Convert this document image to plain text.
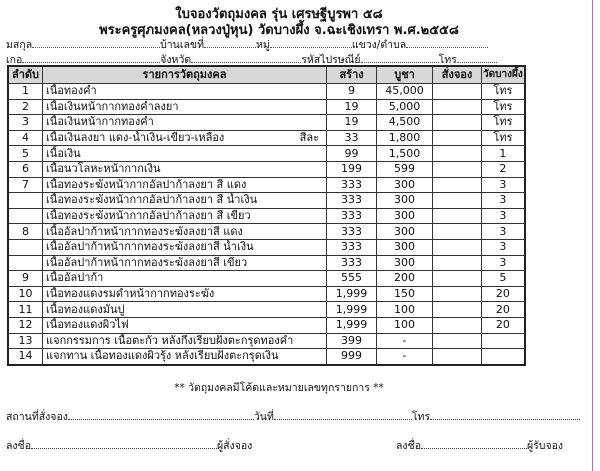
ใบจองวัตถุมงคล รุ่น เศรษฐีบูรพา ๕๘
พระครูศุภมงคล(หลวงปู่หุน) วัดบางผึ้ง จ.ฉะเชิงเทรา พ.ศ.๒๕๕๘
มสกุล	บ้านเลขที่	หมู่	แขวง/ตำบล
เกอ	จังหวัด	รหัสไปรษณีย์	โทร
ลำดับ	รายการวัตถุมงคล	สร้าง	บูชา	สั่งจอง	วัดบางผึ้ง
1	เนื้อทองคำ	9	45,000		โทร
2	เนื้อเงินหน้ากากทองคำลงยา	19	5,000		โทร
3	เนื้อเงินหน้ากากทองคำ	19	4,500		โทร
4	เนื้อเงินลงยา แดง-น้ำเงิน-เขียว-เหลือง สีละ	33	1,800		โทร
5	เนื้อเงิน	99	1,500		1
6	เนื้อนวโลหะหน้ากากเงิน	199	599		2
7	เนื้อทองระฆังหน้ากากอัลปาก้าลงยา สี แดง	333	300		3
	เนื้อทองระฆังหน้ากากอัลปาก้าลงยา สี น้ำเงิน	333	300		3
	เนื้อทองระฆังหน้ากากอัลปาก้าลงยา สี เขียว	333	300		3
8	เนื้ออัลปาก้าหน้ากากทองระฆังลงยาสี แดง	333	300		3
	เนื้ออัลปาก้าหน้ากากทองระฆังลงยาสี น้ำเงิน	333	300		3
	เนื้ออัลปาก้าหน้ากากทองระฆังลงยาสี เขียว	333	300		3
9	เนื้ออัลปาก้า	555	200		5
10	เนื้อทองแดงรมดำหน้ากากทองระฆัง	1,999	150		20
11	เนื้อทองแดงมันปู	1,999	100		20
12	เนื้อทองแดงผิวไฟ	1,999	100		20
13	แจกกรรมการ เนื้อตะกั่ว หลังกึ่งเรียบฝังตะกรุดทองคำ	399	-		
14	แจกทาน เนื้อทองแดงผิวรุ้ง หลังเรียบฝังตะกรุดเงิน	999	-		
** วัตถุมงคลมีโค้ดและหมายเลขทุกรายการ **
สถานที่สั่งจอง	วันที่	โทร
ลงชื่อ	ผู้สั่งจอง	ลงชื่อ	ผู้รับจอง
